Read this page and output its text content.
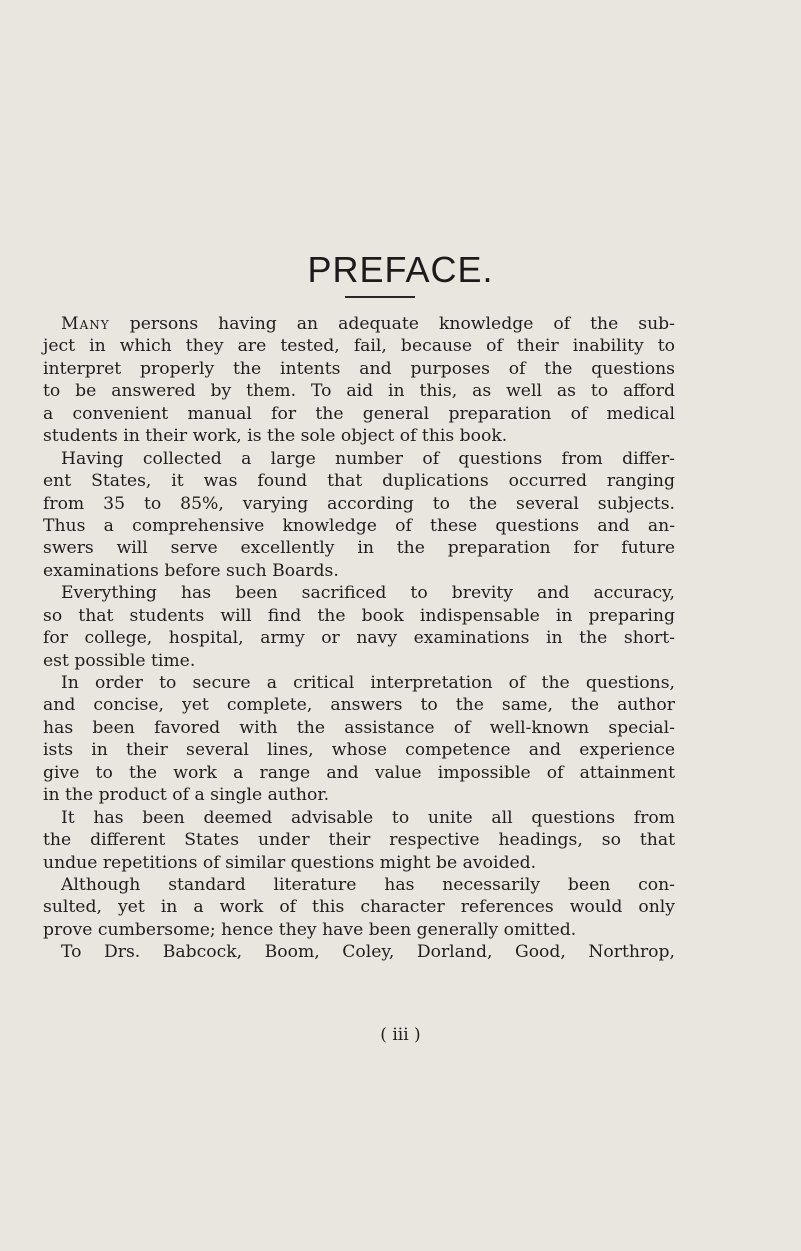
PREFACE.
Many persons having an adequate knowledge of the sub-
ject in which they are tested, fail, because of their inability to
interpret properly the intents and purposes of the questions
to be answered by them. To aid in this, as well as to afford
a convenient manual for the general preparation of medical
students in their work, is the sole object of this book.
Having collected a large number of questions from differ-
ent States, it was found that duplications occurred ranging
from 35 to 85%, varying according to the several subjects.
Thus a comprehensive knowledge of these questions and an-
swers will serve excellently in the preparation for future
examinations before such Boards.
Everything has been sacrificed to brevity and accuracy,
so that students will find the book indispensable in preparing
for college, hospital, army or navy examinations in the short-
est possible time.
In order to secure a critical interpretation of the questions,
and concise, yet complete, answers to the same, the author
has been favored with the assistance of well-known special-
ists in their several lines, whose competence and experience
give to the work a range and value impossible of attainment
in the product of a single author.
It has been deemed advisable to unite all questions from
the different States under their respective headings, so that
undue repetitions of similar questions might be avoided.
Although standard literature has necessarily been con-
sulted, yet in a work of this character references would only
prove cumbersome; hence they have been generally omitted.
To Drs. Babcock, Boom, Coley, Dorland, Good, Northrop,
( iii )
